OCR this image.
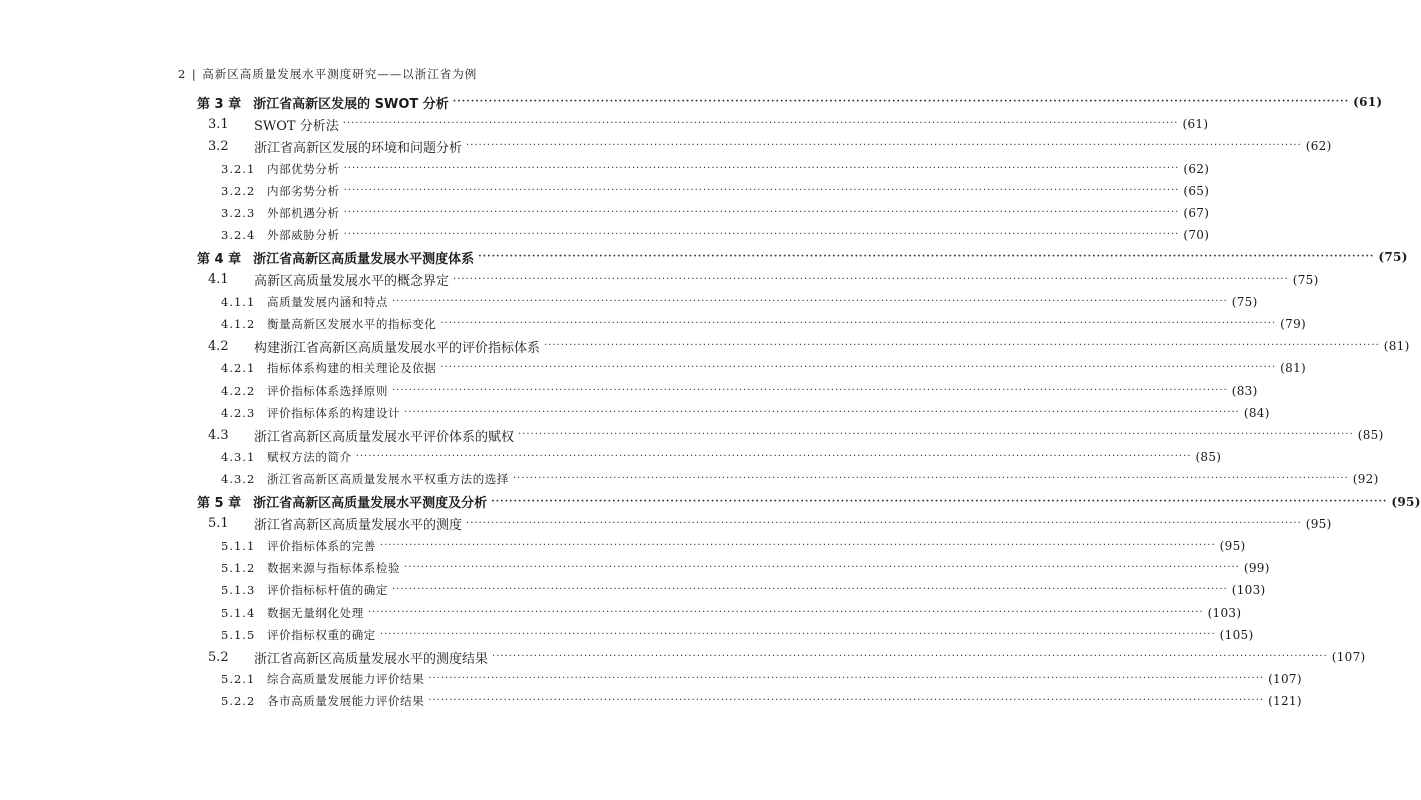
2 | 高新区高质量发展水平测度研究——以浙江省为例
第 3 章 浙江省高新区发展的 SWOT 分析 ········································································································································································································ (61)
3.1	SWOT 分析法 ········································································································································································································ (61)
3.2	浙江省高新区发展的环境和问题分析 ········································································································································································································ (62)
3.2.1	内部优势分析 ········································································································································································································ (62)
3.2.2	内部劣势分析 ········································································································································································································ (65)
3.2.3	外部机遇分析 ········································································································································································································ (67)
3.2.4	外部威胁分析 ········································································································································································································ (70)
第 4 章 浙江省高新区高质量发展水平测度体系 ········································································································································································································ (75)
4.1	高新区高质量发展水平的概念界定 ········································································································································································································ (75)
4.1.1	高质量发展内涵和特点 ········································································································································································································ (75)
4.1.2	衡量高新区发展水平的指标变化 ········································································································································································································ (79)
4.2	构建浙江省高新区高质量发展水平的评价指标体系 ········································································································································································································ (81)
4.2.1	指标体系构建的相关理论及依据 ········································································································································································································ (81)
4.2.2	评价指标体系选择原则 ········································································································································································································ (83)
4.2.3	评价指标体系的构建设计 ········································································································································································································ (84)
4.3	浙江省高新区高质量发展水平评价体系的赋权 ········································································································································································································ (85)
4.3.1	赋权方法的简介 ········································································································································································································ (85)
4.3.2	浙江省高新区高质量发展水平权重方法的选择 ········································································································································································································ (92)
第 5 章 浙江省高新区高质量发展水平测度及分析 ········································································································································································································ (95)
5.1	浙江省高新区高质量发展水平的测度 ········································································································································································································ (95)
5.1.1	评价指标体系的完善 ········································································································································································································ (95)
5.1.2	数据来源与指标体系检验 ········································································································································································································ (99)
5.1.3	评价指标标杆值的确定 ········································································································································································································ (103)
5.1.4	数据无量纲化处理 ········································································································································································································ (103)
5.1.5	评价指标权重的确定 ········································································································································································································ (105)
5.2	浙江省高新区高质量发展水平的测度结果 ········································································································································································································ (107)
5.2.1	综合高质量发展能力评价结果 ········································································································································································································ (107)
5.2.2	各市高质量发展能力评价结果 ········································································································································································································ (121)
